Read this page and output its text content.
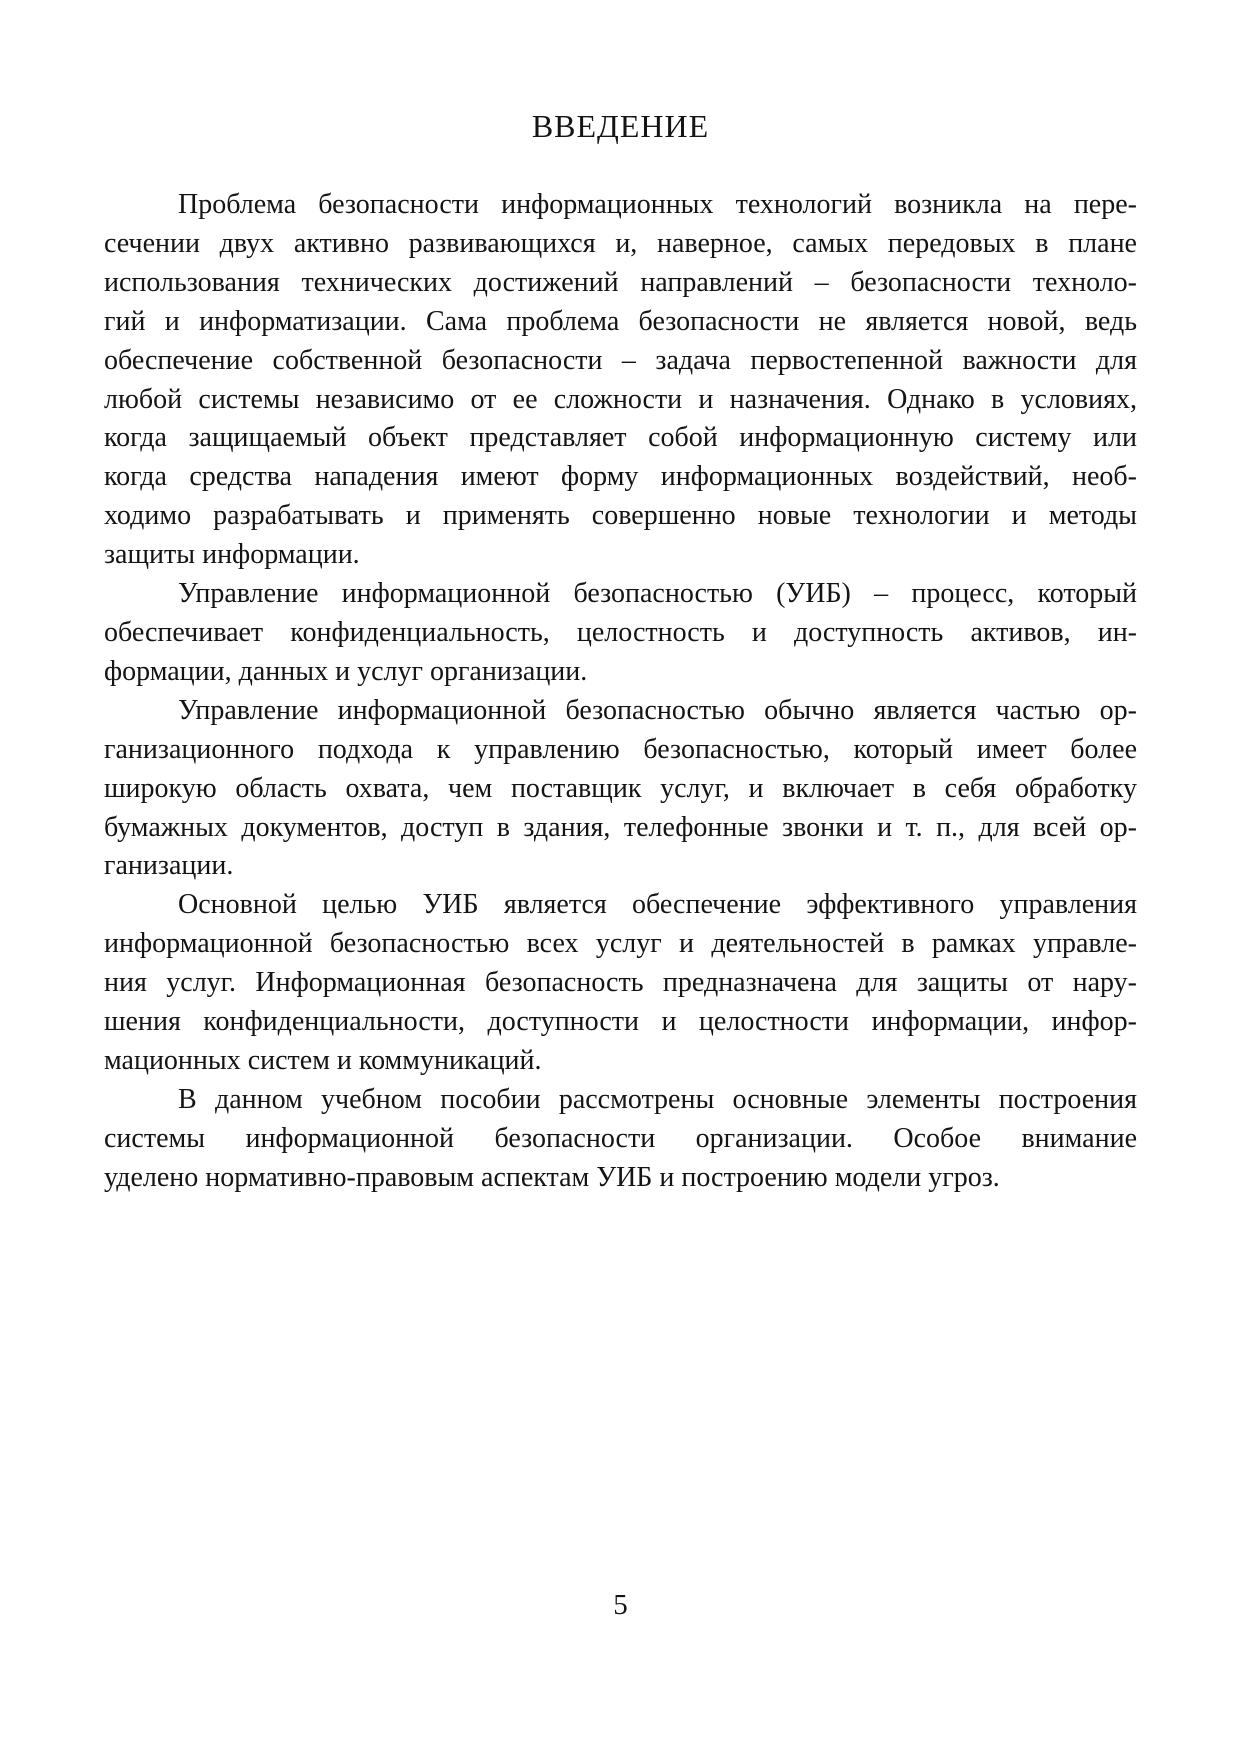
ВВЕДЕНИЕ
Проблема безопасности информационных технологий возникла на пере-
сечении двух активно развивающихся и, наверное, самых передовых в плане
использования технических достижений направлений – безопасности техноло-
гий и информатизации. Сама проблема безопасности не является новой, ведь
обеспечение собственной безопасности – задача первостепенной важности для
любой системы независимо от ее сложности и назначения. Однако в условиях,
когда защищаемый объект представляет собой информационную систему или
когда средства нападения имеют форму информационных воздействий, необ-
ходимо разрабатывать и применять совершенно новые технологии и методы
защиты информации.
Управление информационной безопасностью (УИБ) – процесс, который
обеспечивает конфиденциальность, целостность и доступность активов, ин-
формации, данных и услуг организации.
Управление информационной безопасностью обычно является частью ор-
ганизационного подхода к управлению безопасностью, который имеет более
широкую область охвата, чем поставщик услуг, и включает в себя обработку
бумажных документов, доступ в здания, телефонные звонки и т. п., для всей ор-
ганизации.
Основной целью УИБ является обеспечение эффективного управления
информационной безопасностью всех услуг и деятельностей в рамках управле-
ния услуг. Информационная безопасность предназначена для защиты от нару-
шения конфиденциальности, доступности и целостности информации, инфор-
мационных систем и коммуникаций.
В данном учебном пособии рассмотрены основные элементы построения
системы информационной безопасности организации. Особое внимание
уделено нормативно-правовым аспектам УИБ и построению модели угроз.
5
